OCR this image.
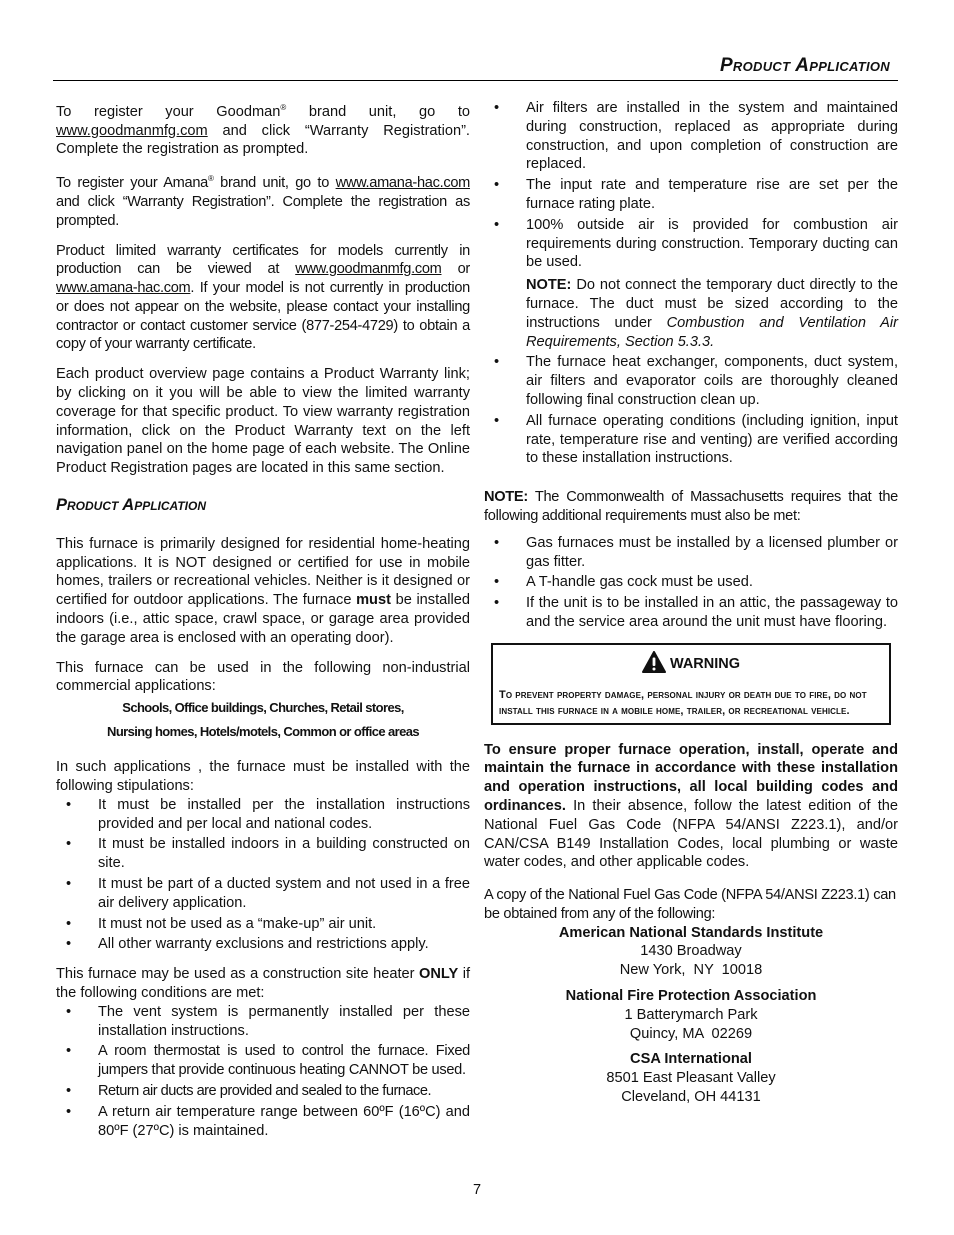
Product Application

To register your Goodman® brand unit, go to www.goodmanmfg.com and click “Warranty Registration”. Complete the registration as prompted.

To register your Amana® brand unit, go to www.amana-hac.com and click “Warranty Registration”. Complete the registration as prompted.

Product limited warranty certificates for models currently in production can be viewed at www.goodmanmfg.com or www.amana-hac.com. If your model is not currently in production or does not appear on the website, please contact your installing contractor or contact customer service (877-254-4729) to obtain a copy of your warranty certificate.

Each product overview page contains a Product Warranty link; by clicking on it you will be able to view the limited warranty coverage for that specific product. To view warranty registration information, click on the Product Warranty text on the left navigation panel on the home page of each website. The Online Product Registration pages are located in this same section.

Product Application

This furnace is primarily designed for residential home-heating applications. It is NOT designed or certified for use in mobile homes, trailers or recreational vehicles. Neither is it designed or certified for outdoor applications. The furnace must be installed indoors (i.e., attic space, crawl space, or garage area provided the garage area is enclosed with an operating door).

This furnace can be used in the following non-industrial commercial applications:

Schools, Office buildings, Churches, Retail stores,
Nursing homes, Hotels/motels, Common or office areas

In such applications , the furnace must be installed with the following stipulations:

• It must be installed per the installation instructions provided and per local and national codes.
• It must be installed indoors in a building constructed on site.
• It must be part of a ducted system and not used in a free air delivery application.
• It must not be used as a “make-up” air unit.
• All other warranty exclusions and restrictions apply.

This furnace may be used as a construction site heater ONLY if the following conditions are met:

• The vent system is permanently installed per these installation instructions.
• A room thermostat is used to control the furnace. Fixed jumpers that provide continuous heating CANNOT be used.
• Return air ducts are provided and sealed to the furnace.
• A return air temperature range between 60ºF (16ºC) and 80ºF (27ºC) is maintained.
• Air filters are installed in the system and maintained during construction, replaced as appropriate during construction, and upon completion of construction are replaced.
• The input rate and temperature rise are set per the furnace rating plate.
• 100% outside air is provided for combustion air requirements during construction. Temporary ducting can be used.
NOTE: Do not connect the temporary duct directly to the furnace. The duct must be sized according to the instructions under Combustion and Ventilation Air Requirements, Section 5.3.3.
• The furnace heat exchanger, components, duct system, air filters and evaporator coils are thoroughly cleaned following final construction clean up.
• All furnace operating conditions (including ignition, input rate, temperature rise and venting) are verified according to these installation instructions.

NOTE: The Commonwealth of Massachusetts requires that the following additional requirements must also be met:

• Gas furnaces must be installed by a licensed plumber or gas fitter.
• A T-handle gas cock must be used.
• If the unit is to be installed in an attic, the passageway to and the service area around the unit must have flooring.
WARNING
To prevent property damage, personal injury or death due to fire, do not install this furnace in a mobile home, trailer, or recreational vehicle.

To ensure proper furnace operation, install, operate and maintain the furnace in accordance with these installation and operation instructions, all local building codes and ordinances. In their absence, follow the latest edition of the National Fuel Gas Code (NFPA 54/ANSI Z223.1), and/or CAN/CSA B149 Installation Codes, local plumbing or waste water codes, and other applicable codes.

A copy of the National Fuel Gas Code (NFPA 54/ANSI Z223.1) can be obtained from any of the following:

American National Standards Institute
1430 Broadway
New York,  NY  10018
National Fire Protection Association
1 Batterymarch Park
Quincy, MA  02269
CSA International
8501 East Pleasant Valley
Cleveland, OH 44131
7
